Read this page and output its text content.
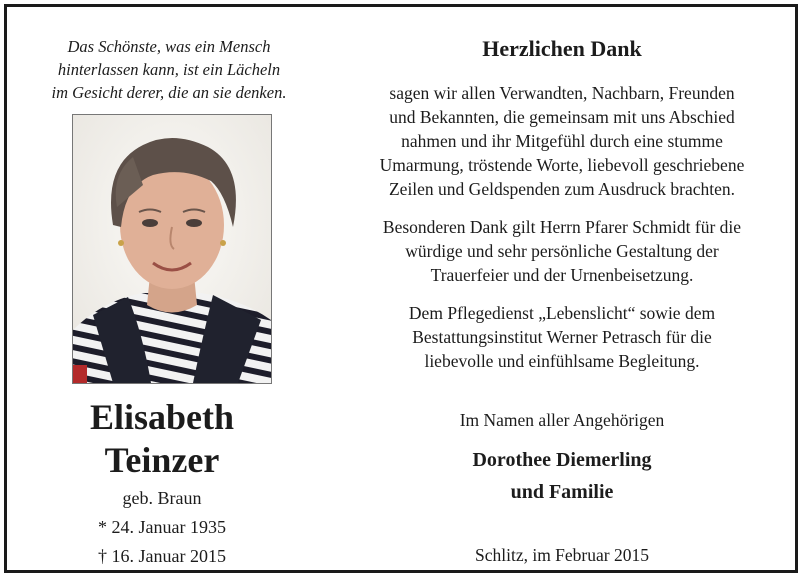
Das Schönste, was ein Mensch
hinterlassen kann, ist ein Lächeln
im Gesicht derer, die an sie denken.
Elisabeth
Teinzer
geb. Braun
* 24. Januar 1935
† 16. Januar 2015
Herzlichen Dank
sagen wir allen Verwandten, Nachbarn, Freunden
und Bekannten, die gemeinsam mit uns Abschied
nahmen und ihr Mitgefühl durch eine stumme
Umarmung, tröstende Worte, liebevoll geschriebene
Zeilen und Geldspenden zum Ausdruck brachten.
Besonderen Dank gilt Herrn Pfarer Schmidt für die
würdige und sehr persönliche Gestaltung der
Trauerfeier und der Urnenbeisetzung.
Dem Pflegedienst „Lebenslicht“ sowie dem
Bestattungsinstitut Werner Petrasch für die
liebevolle und einfühlsame Begleitung.
Im Namen aller Angehörigen
Dorothee Diemerling
und Familie
Schlitz, im Februar 2015
